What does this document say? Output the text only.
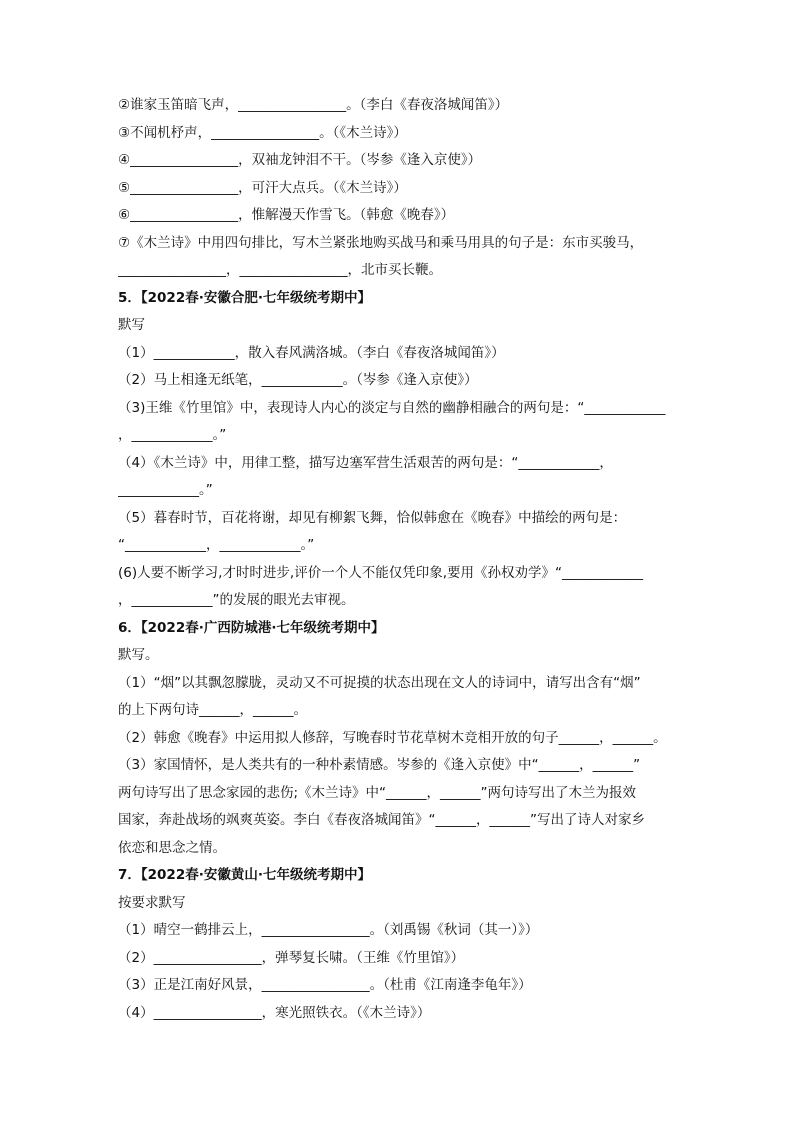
②谁家玉笛暗飞声，________________。（李白《春夜洛城闻笛》）
③不闻机杼声，________________。（《木兰诗》）
④________________，双袖龙钟泪不干。（岑参《逢入京使》）
⑤________________，可汗大点兵。（《木兰诗》）
⑥________________，惟解漫天作雪飞。（韩愈《晚春》）
⑦《木兰诗》中用四句排比，写木兰紧张地购买战马和乘马用具的句子是：东市买骏马，
________________，________________，北市买长鞭。
5．【2022春·安徽合肥·七年级统考期中】
默写
（1）____________，散入春风满洛城。（李白《春夜洛城闻笛》）
（2）马上相逢无纸笔，____________。（岑参《逢入京使》）
（3)王维《竹里馆》中，表现诗人内心的淡定与自然的幽静相融合的两句是：“____________
，____________。”
（4）《木兰诗》中，用律工整，描写边塞军营生活艰苦的两句是：“____________，
____________。”
（5）暮春时节，百花将谢，却见有柳絮飞舞，恰似韩愈在《晚春》中描绘的两句是：
“____________，____________。”
(6)人要不断学习,才时时进步,评价一个人不能仅凭印象,要用《孙权劝学》“____________
，____________”的发展的眼光去审视。
6．【2022春·广西防城港·七年级统考期中】
默写。
（1）“烟”以其飘忽朦胧，灵动又不可捉摸的状态出现在文人的诗词中，请写出含有“烟”
的上下两句诗______，______。
（2）韩愈《晚春》中运用拟人修辞，写晚春时节花草树木竞相开放的句子______，______。
（3）家国情怀，是人类共有的一种朴素情感。岑参的《逢入京使》中“______，______”
两句诗写出了思念家园的悲伤;《木兰诗》中“______，______”两句诗写出了木兰为报效
国家，奔赴战场的飒爽英姿。李白《春夜洛城闻笛》“______，______”写出了诗人对家乡
依恋和思念之情。
7．【2022春·安徽黄山·七年级统考期中】
按要求默写
（1）晴空一鹤排云上，________________。（刘禹锡《秋词（其一）》）
（2）________________，弹琴复长啸。（王维《竹里馆》）
（3）正是江南好风景，________________。（杜甫《江南逢李龟年》）
（4）________________，寒光照铁衣。（《木兰诗》）
